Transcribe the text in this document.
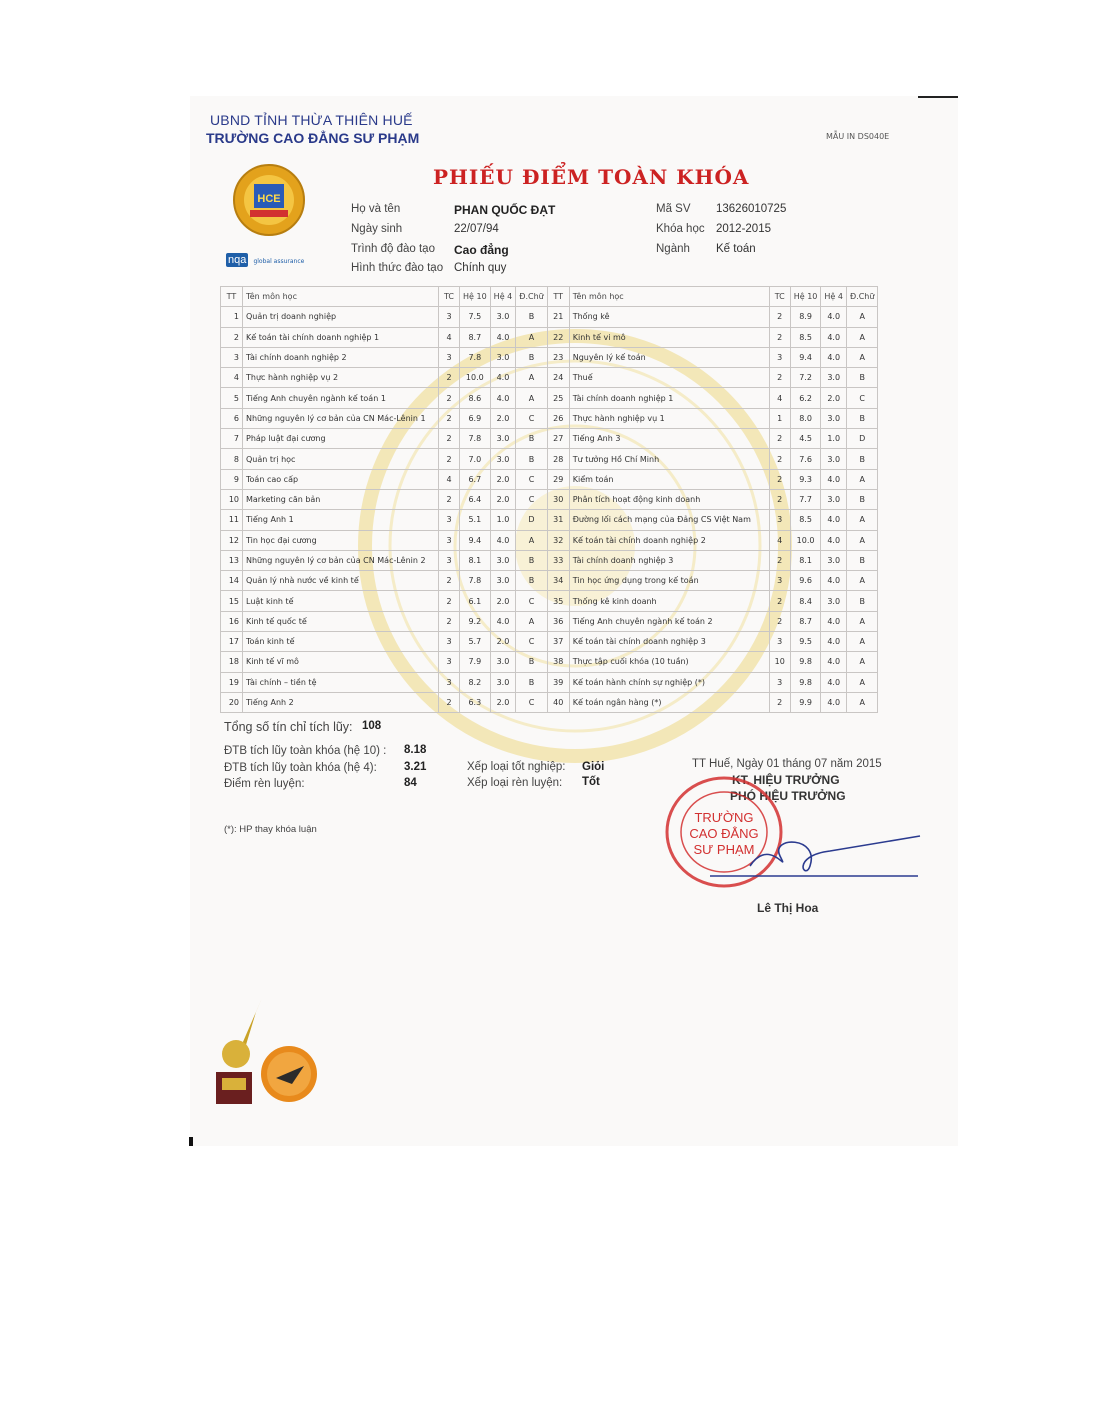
UBND TỈNH THỪA THIÊN HUẾ
TRƯỜNG CAO ĐẲNG SƯ PHẠM	MẪU IN DS040E
HCE
nqa global assurance
PHIẾU ĐIỂM TOÀN KHÓA
Họ và tên	PHAN QUỐC ĐẠT
Ngày sinh	22/07/94
Trình độ đào tạo Cao đẳng
Hình thức đào tạo Chính quy
Mã SV 13626010725
Khóa học 2012-2015
Ngành Kế toán
TT	Tên môn học	TC	Hệ 10	Hệ 4	Đ.Chữ	TT	Tên môn học	TC	Hệ 10	Hệ 4	Đ.Chữ
1	Quản trị doanh nghiệp	3	7.5	3.0	B	21	Thống kê	2	8.9	4.0	A
2	Kế toán tài chính doanh nghiệp 1	4	8.7	4.0	A	22	Kinh tế vi mô	2	8.5	4.0	A
3	Tài chính doanh nghiệp 2	3	7.8	3.0	B	23	Nguyên lý kế toán	3	9.4	4.0	A
4	Thực hành nghiệp vụ 2	2	10.0	4.0	A	24	Thuế	2	7.2	3.0	B
5	Tiếng Anh chuyên ngành kế toán 1	2	8.6	4.0	A	25	Tài chính doanh nghiệp 1	4	6.2	2.0	C
6	Những nguyên lý cơ bản của CN Mác-Lênin 1	2	6.9	2.0	C	26	Thực hành nghiệp vụ 1	1	8.0	3.0	B
7	Pháp luật đại cương	2	7.8	3.0	B	27	Tiếng Anh 3	2	4.5	1.0	D
8	Quản trị học	2	7.0	3.0	B	28	Tư tưởng Hồ Chí Minh	2	7.6	3.0	B
9	Toán cao cấp	4	6.7	2.0	C	29	Kiểm toán	2	9.3	4.0	A
10	Marketing căn bản	2	6.4	2.0	C	30	Phân tích hoạt động kinh doanh	2	7.7	3.0	B
11	Tiếng Anh 1	3	5.1	1.0	D	31	Đường lối cách mạng của Đảng CS Việt Nam	3	8.5	4.0	A
12	Tin học đại cương	3	9.4	4.0	A	32	Kế toán tài chính doanh nghiệp 2	4	10.0	4.0	A
13	Những nguyên lý cơ bản của CN Mác-Lênin 2	3	8.1	3.0	B	33	Tài chính doanh nghiệp 3	2	8.1	3.0	B
14	Quản lý nhà nước về kinh tế	2	7.8	3.0	B	34	Tin học ứng dụng trong kế toán	3	9.6	4.0	A
15	Luật kinh tế	2	6.1	2.0	C	35	Thống kê kinh doanh	2	8.4	3.0	B
16	Kinh tế quốc tế	2	9.2	4.0	A	36	Tiếng Anh chuyên ngành kế toán 2	2	8.7	4.0	A
17	Toán kinh tế	3	5.7	2.0	C	37	Kế toán tài chính doanh nghiệp 3	3	9.5	4.0	A
18	Kinh tế vĩ mô	3	7.9	3.0	B	38	Thực tập cuối khóa (10 tuần)	10	9.8	4.0	A
19	Tài chính – tiền tệ	3	8.2	3.0	B	39	Kế toán hành chính sự nghiệp (*)	3	9.8	4.0	A
20	Tiếng Anh 2	2	6.3	2.0	C	40	Kế toán ngân hàng (*)	2	9.9	4.0	A
Tổng số tín chỉ tích lũy: 108
ĐTB tích lũy toàn khóa (hệ 10) : 8.18
ĐTB tích lũy toàn khóa (hệ 4): 3.21
Điểm rèn luyện:	84
Xếp loại tốt nghiệp: Giỏi
Xếp loại rèn luyện: Tốt
(*): HP thay khóa luận
TT Huế, Ngày 01 tháng 07 năm 2015
KT. HIỆU TRƯỞNG
PHÓ HIỆU TRƯỞNG
TRƯỜNG
CAO ĐẲNG
SƯ PHẠM
Lê Thị Hoa
